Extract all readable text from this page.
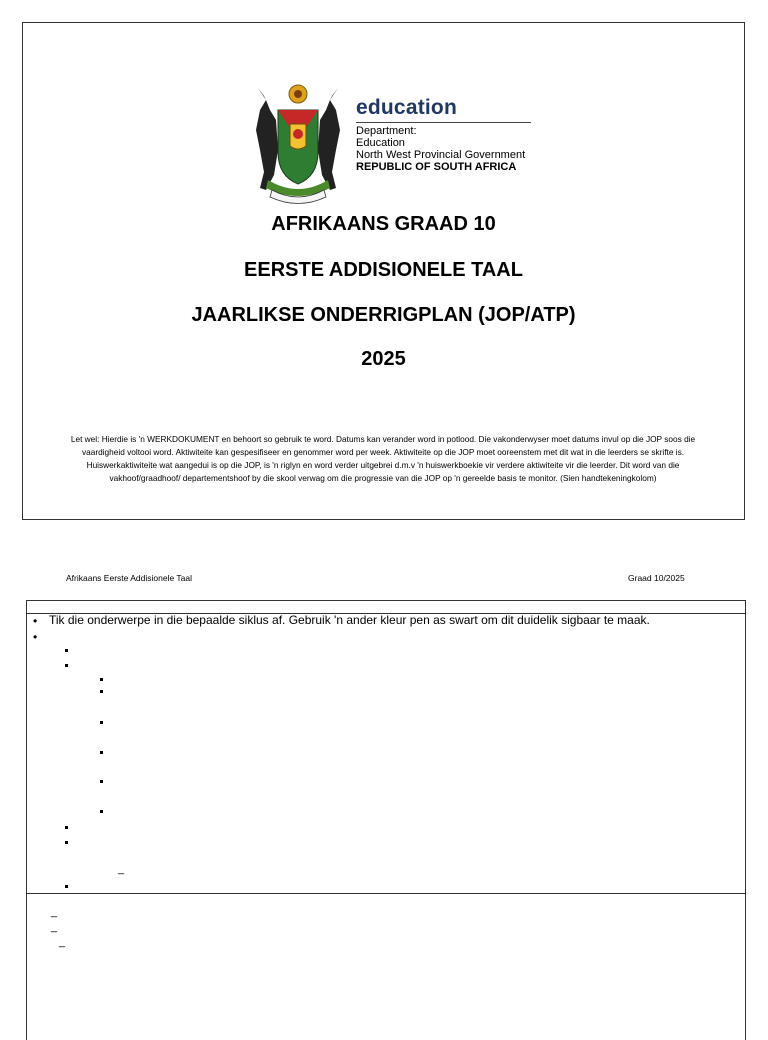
education
Department:
Education
North West Provincial Government
REPUBLIC OF SOUTH AFRICA
AFRIKAANS GRAAD 10
EERSTE ADDISIONELE TAAL
JAARLIKSE ONDERRIGPLAN (JOP/ATP)
2025
Let wel: Hierdie is 'n WERKDOKUMENT en behoort so gebruik te word. Datums kan verander word in potlood. Die vakonderwyser moet datums invul op die JOP soos die
vaardigheid voltooi word. Aktiwiteite kan gespesifiseer en genommer word per week. Aktiwiteite op die JOP moet ooreenstem met dit wat in die leerders se skrifte is.
Huiswerkaktiwiteite wat aangedui is op die JOP, is 'n riglyn en word verder uitgebrei d.m.v 'n huiswerkboekie vir verdere aktiwiteite vir die leerder. Dit word van die
vakhoof/graadhoof/ departementshoof by die skool verwag om die progressie van die JOP op 'n gereelde basis te monitor. (Sien handtekeningkolom)
Afrikaans Eerste Addisionele Taal	Graad 10/2025
• Tik die onderwerpe in die bepaalde siklus af. Gebruik 'n ander kleur pen as swart om dit duidelik sigbaar te maak.
•
_
_
_
_
